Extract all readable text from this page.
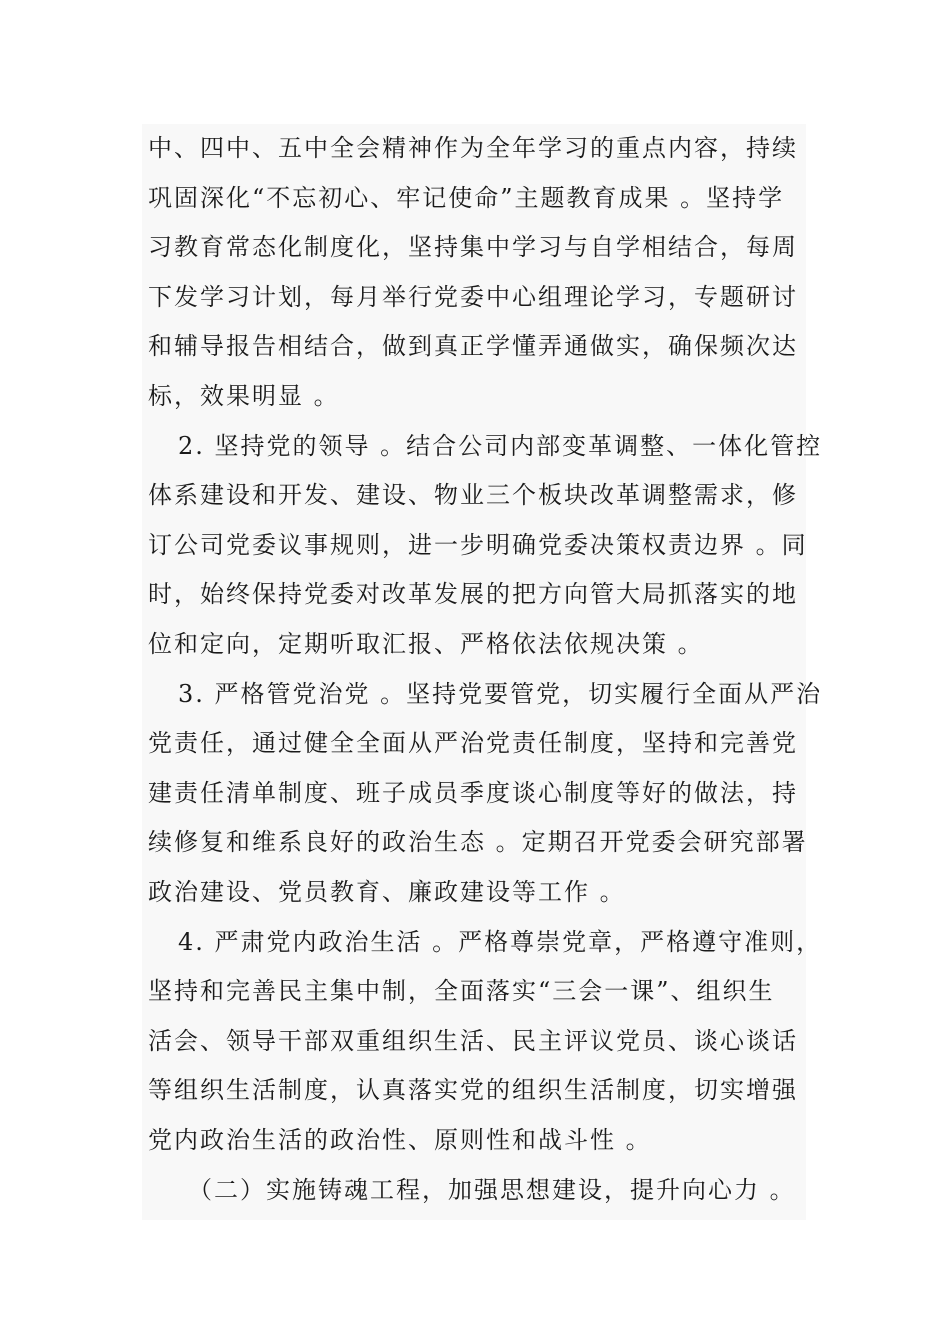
中、四中、五中全会精神作为全年学习的重点内容，持续
巩固深化“不忘初心、牢记使命”主题教育成果 。坚持学
习教育常态化制度化，坚持集中学习与自学相结合，每周
下发学习计划，每月举行党委中心组理论学习，专题研讨
和辅导报告相结合，做到真正学懂弄通做实，确保频次达
标，效果明显 。
2. 坚持党的领导 。结合公司内部变革调整、一体化管控
体系建设和开发、建设、物业三个板块改革调整需求，修
订公司党委议事规则，进一步明确党委决策权责边界 。同
时，始终保持党委对改革发展的把方向管大局抓落实的地
位和定向，定期听取汇报、严格依法依规决策 。
3. 严格管党治党 。坚持党要管党，切实履行全面从严治
党责任，通过健全全面从严治党责任制度，坚持和完善党
建责任清单制度、班子成员季度谈心制度等好的做法，持
续修复和维系良好的政治生态 。定期召开党委会研究部署
政治建设、党员教育、廉政建设等工作 。
4. 严肃党内政治生活 。严格尊崇党章，严格遵守准则，
坚持和完善民主集中制，全面落实“三会一课”、组织生
活会、领导干部双重组织生活、民主评议党员、谈心谈话
等组织生活制度，认真落实党的组织生活制度，切实增强
党内政治生活的政治性、原则性和战斗性 。
（二）实施铸魂工程，加强思想建设，提升向心力 。
